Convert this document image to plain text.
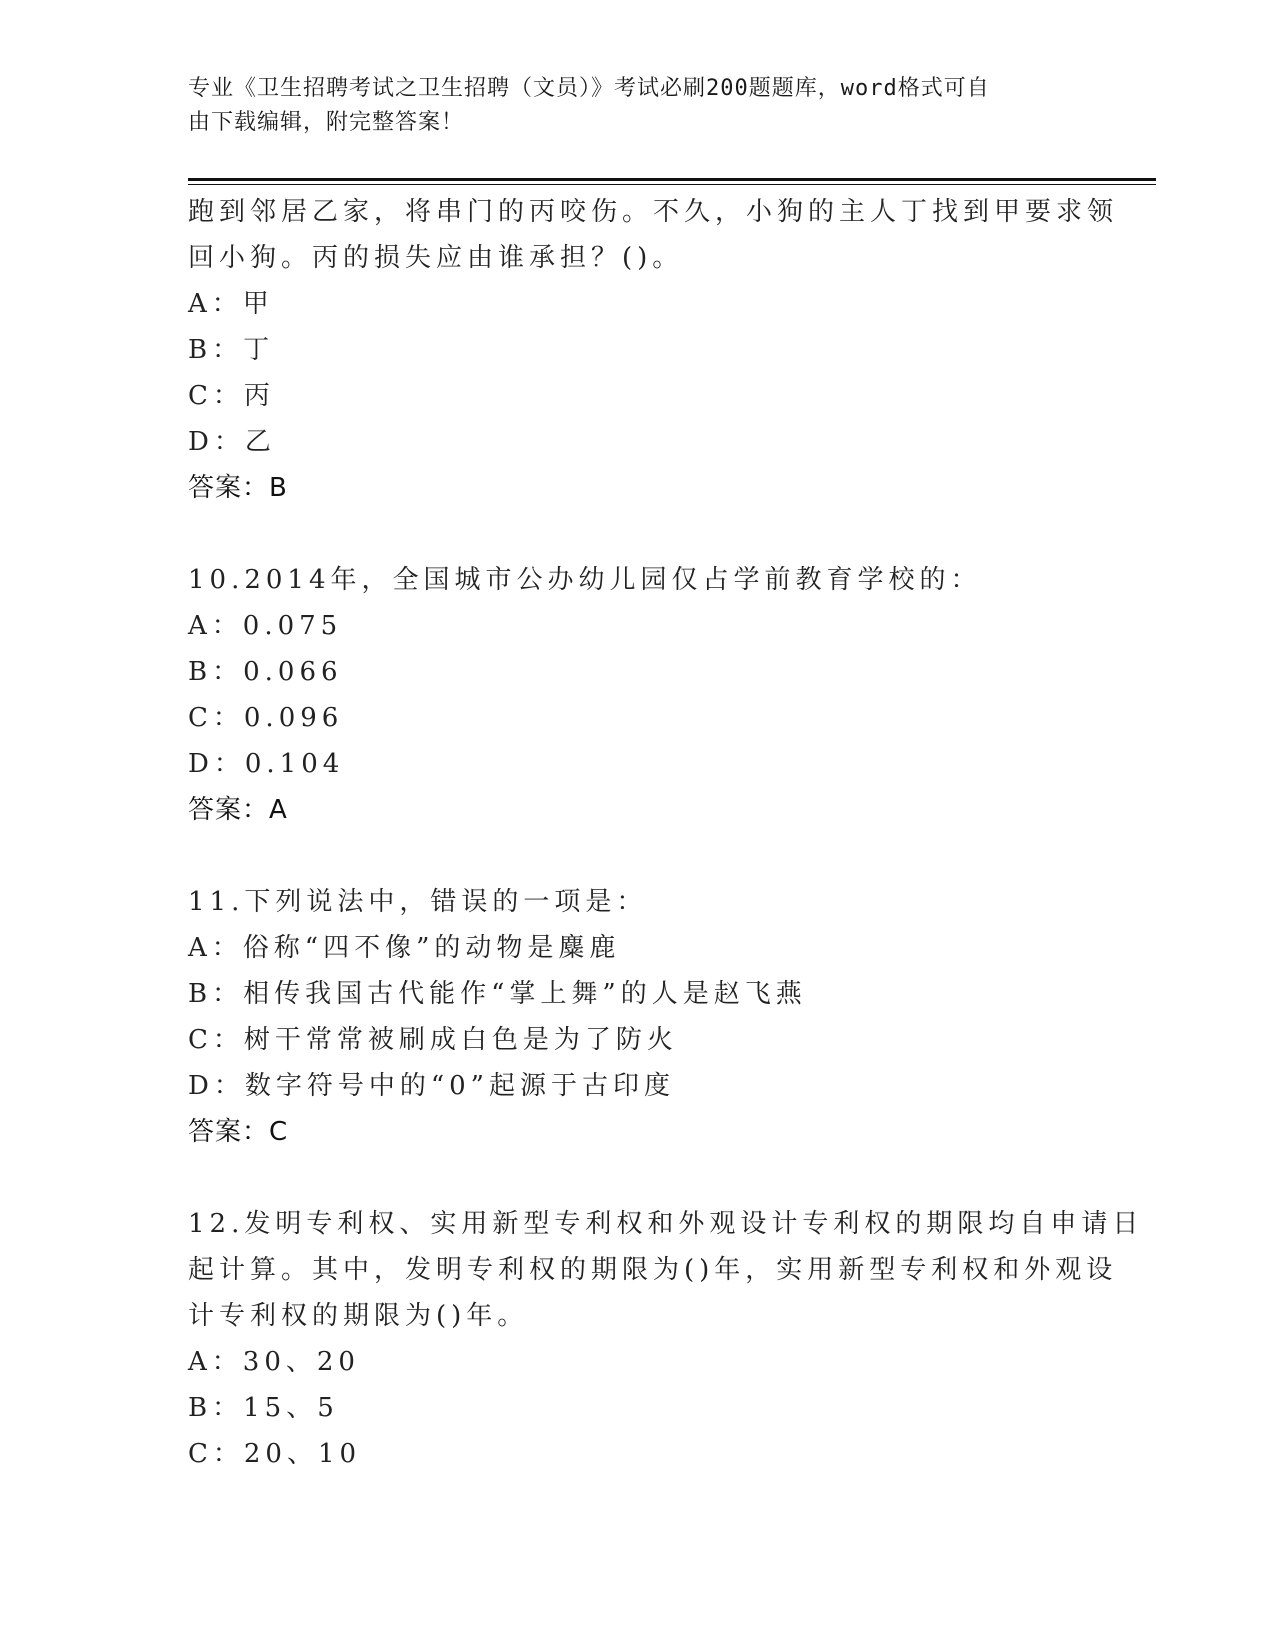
专业《卫生招聘考试之卫生招聘（文员）》考试必刷200题题库，word格式可自
由下载编辑，附完整答案！
跑到邻居乙家，将串门的丙咬伤。不久，小狗的主人丁找到甲要求领
回小狗。丙的损失应由谁承担？()。
A：甲
B：丁
C：丙
D：乙
答案：B
10.2014年，全国城市公办幼儿园仅占学前教育学校的：
A：0.075
B：0.066
C：0.096
D：0.104
答案：A
11.下列说法中，错误的一项是：
A：俗称“四不像”的动物是麋鹿
B：相传我国古代能作“掌上舞”的人是赵飞燕
C：树干常常被刷成白色是为了防火
D：数字符号中的“0”起源于古印度
答案：C
12.发明专利权、实用新型专利权和外观设计专利权的期限均自申请日
起计算。其中，发明专利权的期限为()年，实用新型专利权和外观设
计专利权的期限为()年。
A：30、20
B：15、5
C：20、10
